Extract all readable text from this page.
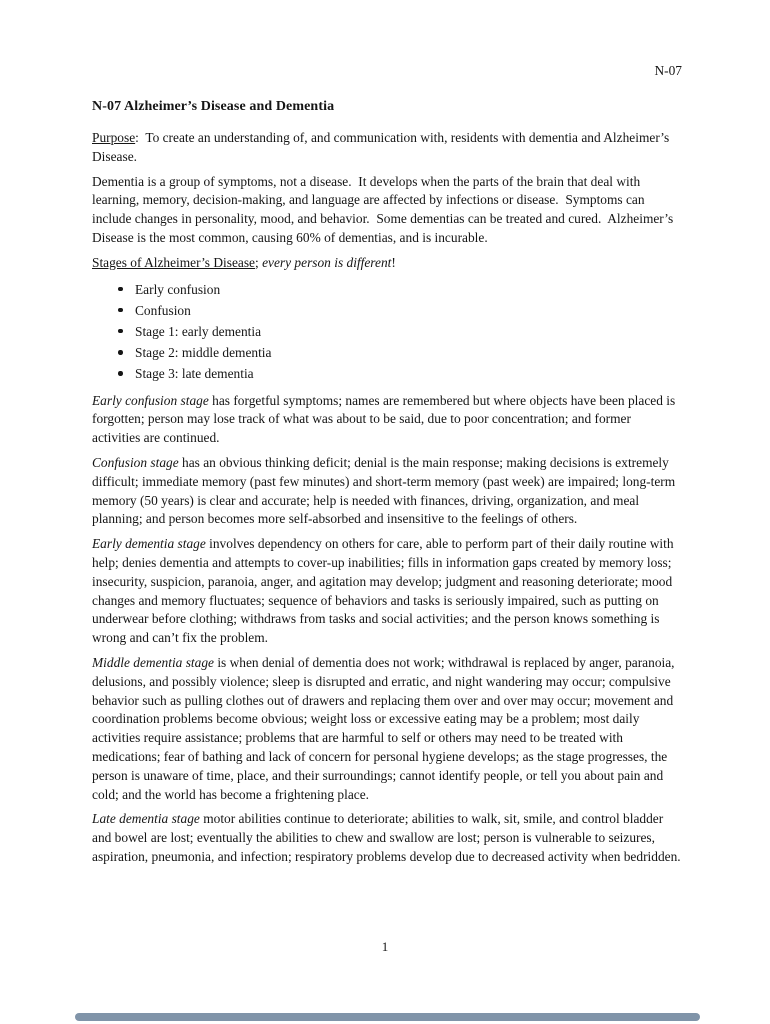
N-07
N-07 Alzheimer’s Disease and Dementia

Purpose:  To create an understanding of, and communication with, residents with dementia and Alzheimer’s Disease.

Dementia is a group of symptoms, not a disease.  It develops when the parts of the brain that deal with learning, memory, decision-making, and language are affected by infections or disease.  Symptoms can include changes in personality, mood, and behavior.  Some dementias can be treated and cured.  Alzheimer’s Disease is the most common, causing 60% of dementias, and is incurable.

Stages of Alzheimer’s Disease; every person is different!

Early confusion
Confusion
Stage 1: early dementia
Stage 2: middle dementia
Stage 3: late dementia

Early confusion stage has forgetful symptoms; names are remembered but where objects have been placed is forgotten; person may lose track of what was about to be said, due to poor concentration; and former activities are continued.

Confusion stage has an obvious thinking deficit; denial is the main response; making decisions is extremely difficult; immediate memory (past few minutes) and short-term memory (past week) are impaired; long-term memory (50 years) is clear and accurate; help is needed with finances, driving, organization, and meal planning; and person becomes more self-absorbed and insensitive to the feelings of others.

Early dementia stage involves dependency on others for care, able to perform part of their daily routine with help; denies dementia and attempts to cover-up inabilities; fills in information gaps created by memory loss; insecurity, suspicion, paranoia, anger, and agitation may develop; judgment and reasoning deteriorate; mood changes and memory fluctuates; sequence of behaviors and tasks is seriously impaired, such as putting on underwear before clothing; withdraws from tasks and social activities; and the person knows something is wrong and can’t fix the problem.

Middle dementia stage is when denial of dementia does not work; withdrawal is replaced by anger, paranoia, delusions, and possibly violence; sleep is disrupted and erratic, and night wandering may occur; compulsive behavior such as pulling clothes out of drawers and replacing them over and over may occur; movement and coordination problems become obvious; weight loss or excessive eating may be a problem; most daily activities require assistance; problems that are harmful to self or others may need to be treated with medications; fear of bathing and lack of concern for personal hygiene develops; as the stage progresses, the person is unaware of time, place, and their surroundings; cannot identify people, or tell you about pain and cold; and the world has become a frightening place.

Late dementia stage motor abilities continue to deteriorate; abilities to walk, sit, smile, and control bladder and bowel are lost; eventually the abilities to chew and swallow are lost; person is vulnerable to seizures, aspiration, pneumonia, and infection; respiratory problems develop due to decreased activity when bedridden.

1
